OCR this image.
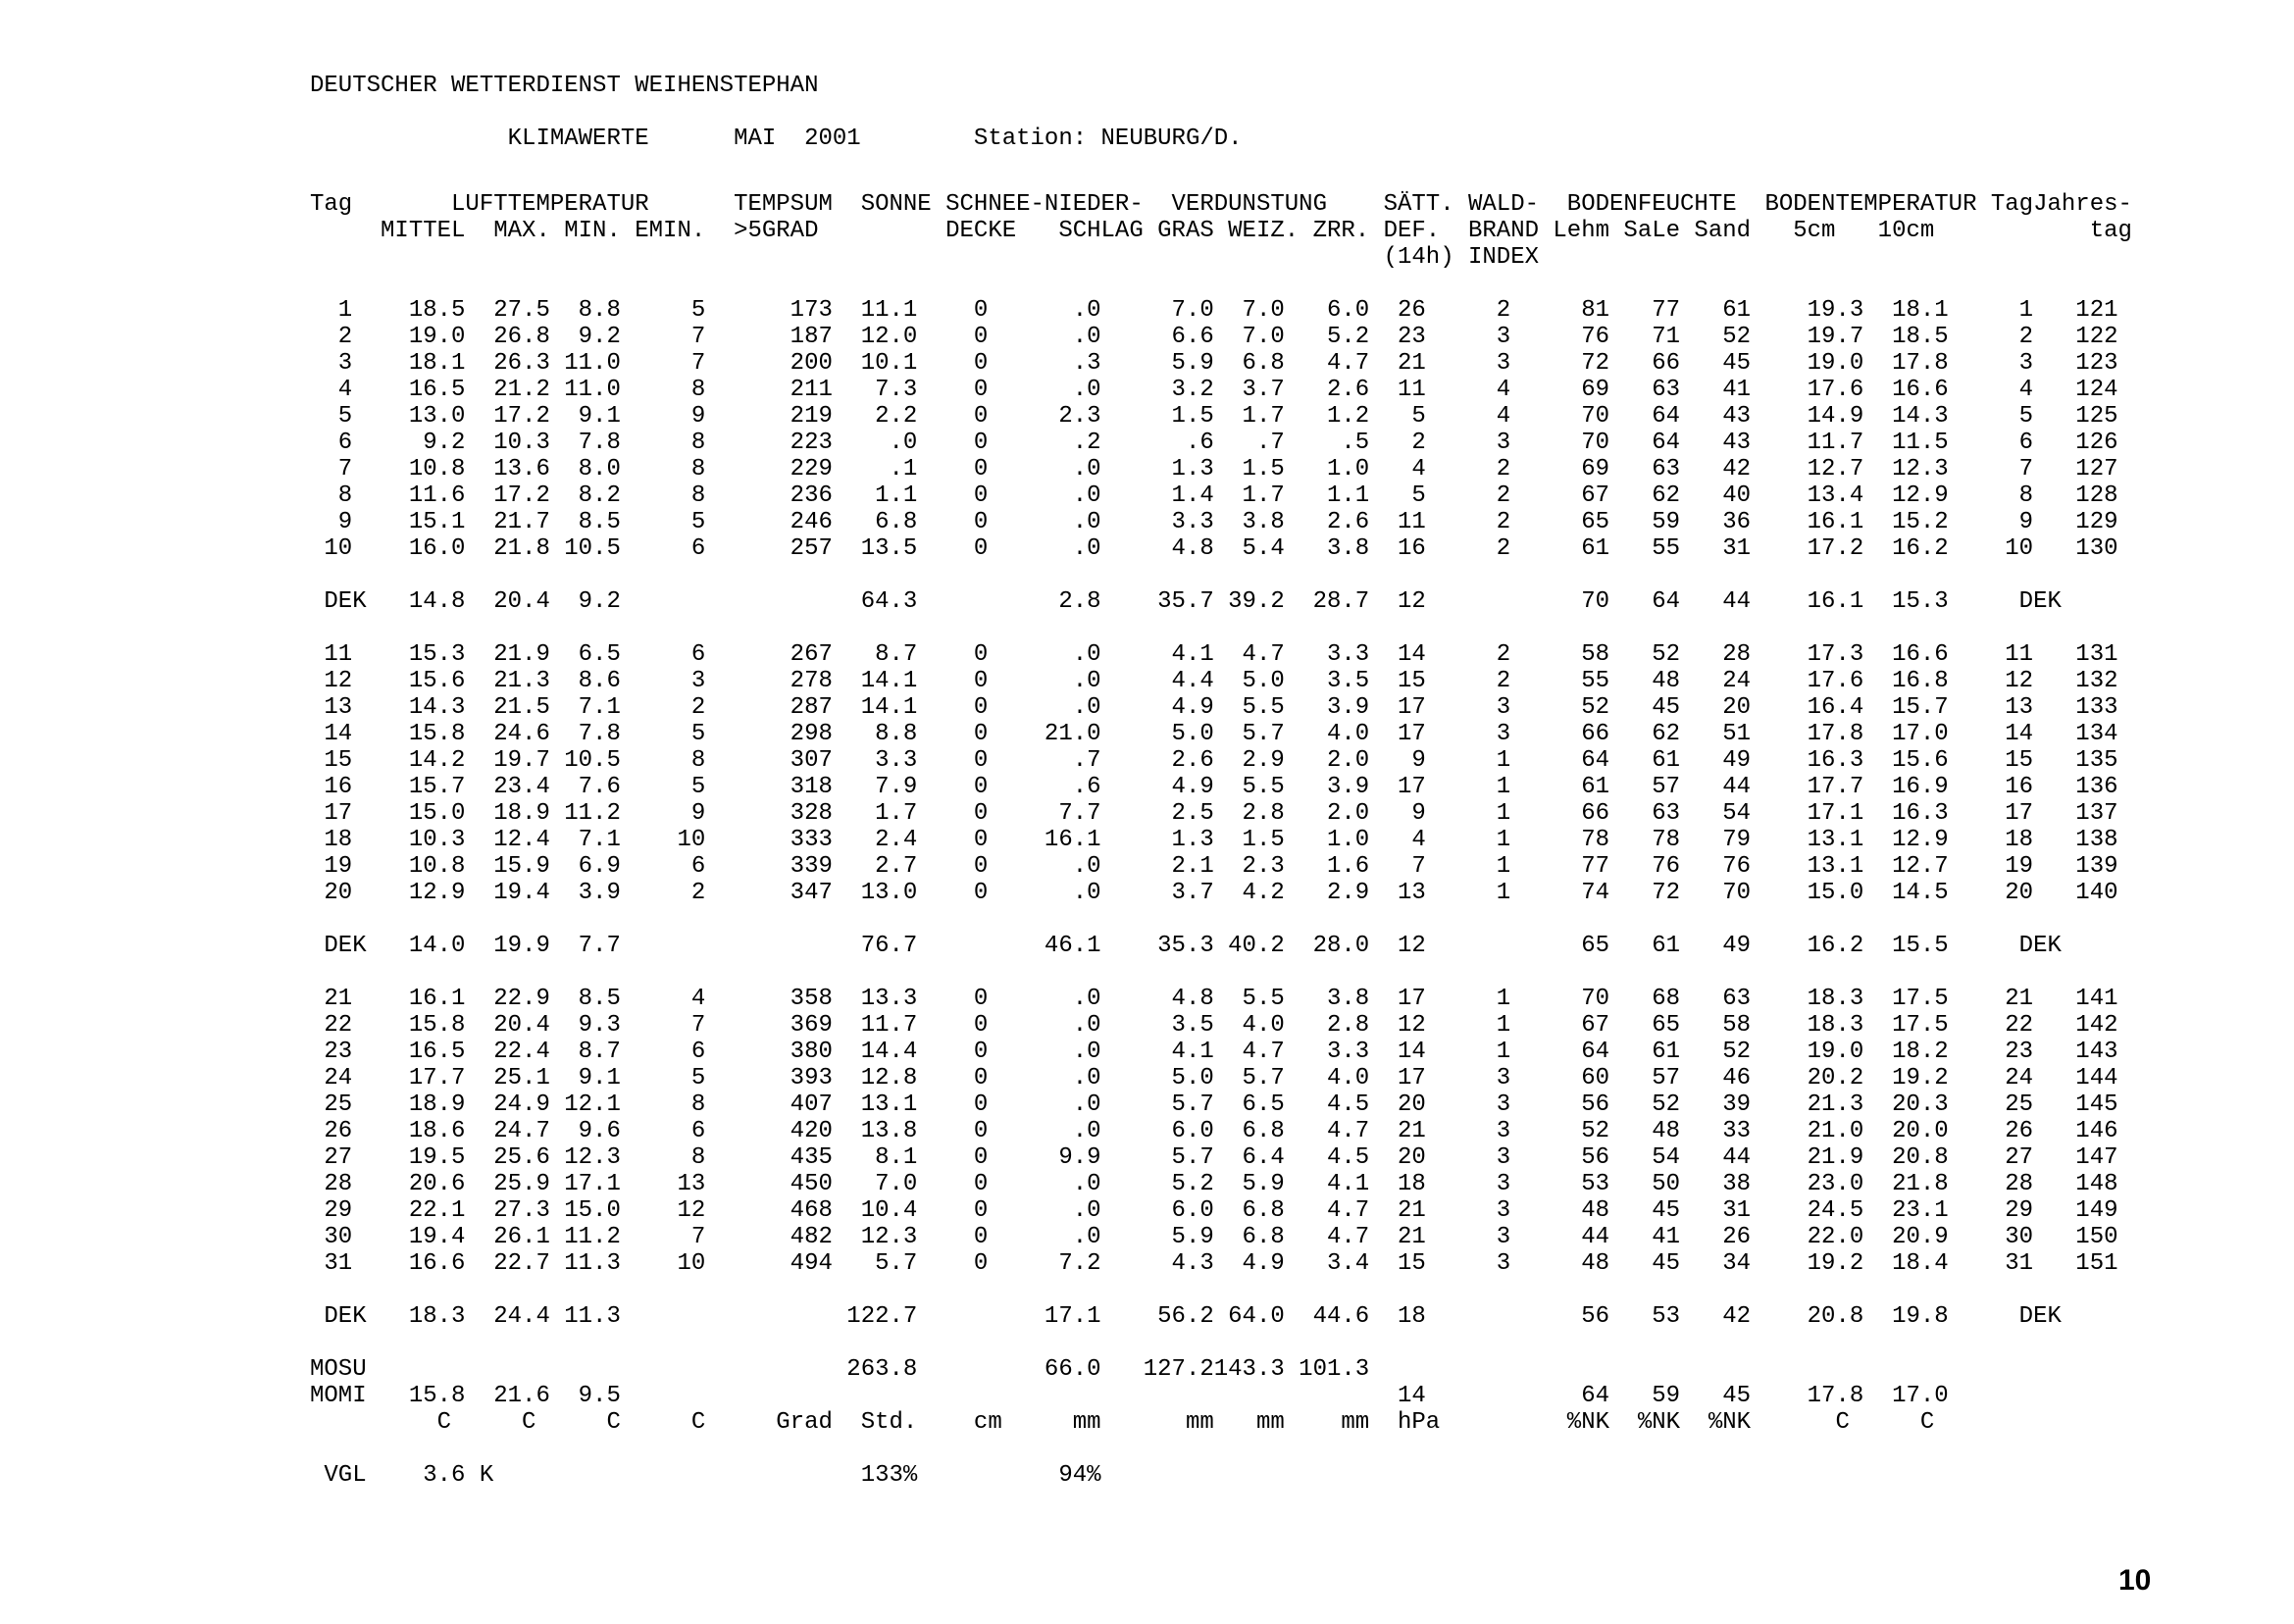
DEUTSCHER WETTERDIENST WEIHENSTEPHAN
KLIMAWERTE      MAI  2001        Station: NEUBURG/D.
Tag       LUFTTEMPERATUR      TEMPSUM  SONNE SCHNEE-NIEDER-  VERDUNSTUNG    SÄTT. WALD-  BODENFEUCHTE  BODENTEMPERATUR TagJahres-
MITTEL  MAX. MIN. EMIN.  >5GRAD         DECKE   SCHLAG GRAS WEIZ. ZRR. DEF.  BRAND Lehm SaLe Sand   5cm   10cm           tag
(14h) INDEX
1    18.5  27.5  8.8     5      173  11.1    0      .0     7.0  7.0   6.0  26     2     81   77   61    19.3  18.1     1   121
2    19.0  26.8  9.2     7      187  12.0    0      .0     6.6  7.0   5.2  23     3     76   71   52    19.7  18.5     2   122
3    18.1  26.3 11.0     7      200  10.1    0      .3     5.9  6.8   4.7  21     3     72   66   45    19.0  17.8     3   123
4    16.5  21.2 11.0     8      211   7.3    0      .0     3.2  3.7   2.6  11     4     69   63   41    17.6  16.6     4   124
5    13.0  17.2  9.1     9      219   2.2    0     2.3     1.5  1.7   1.2   5     4     70   64   43    14.9  14.3     5   125
6     9.2  10.3  7.8     8      223    .0    0      .2      .6   .7    .5   2     3     70   64   43    11.7  11.5     6   126
7    10.8  13.6  8.0     8      229    .1    0      .0     1.3  1.5   1.0   4     2     69   63   42    12.7  12.3     7   127
8    11.6  17.2  8.2     8      236   1.1    0      .0     1.4  1.7   1.1   5     2     67   62   40    13.4  12.9     8   128
9    15.1  21.7  8.5     5      246   6.8    0      .0     3.3  3.8   2.6  11     2     65   59   36    16.1  15.2     9   129
10    16.0  21.8 10.5     6      257  13.5    0      .0     4.8  5.4   3.8  16     2     61   55   31    17.2  16.2    10   130
DEK   14.8  20.4  9.2                 64.3          2.8    35.7 39.2  28.7  12           70   64   44    16.1  15.3     DEK
11    15.3  21.9  6.5     6      267   8.7    0      .0     4.1  4.7   3.3  14     2     58   52   28    17.3  16.6    11   131
12    15.6  21.3  8.6     3      278  14.1    0      .0     4.4  5.0   3.5  15     2     55   48   24    17.6  16.8    12   132
13    14.3  21.5  7.1     2      287  14.1    0      .0     4.9  5.5   3.9  17     3     52   45   20    16.4  15.7    13   133
14    15.8  24.6  7.8     5      298   8.8    0    21.0     5.0  5.7   4.0  17     3     66   62   51    17.8  17.0    14   134
15    14.2  19.7 10.5     8      307   3.3    0      .7     2.6  2.9   2.0   9     1     64   61   49    16.3  15.6    15   135
16    15.7  23.4  7.6     5      318   7.9    0      .6     4.9  5.5   3.9  17     1     61   57   44    17.7  16.9    16   136
17    15.0  18.9 11.2     9      328   1.7    0     7.7     2.5  2.8   2.0   9     1     66   63   54    17.1  16.3    17   137
18    10.3  12.4  7.1    10      333   2.4    0    16.1     1.3  1.5   1.0   4     1     78   78   79    13.1  12.9    18   138
19    10.8  15.9  6.9     6      339   2.7    0      .0     2.1  2.3   1.6   7     1     77   76   76    13.1  12.7    19   139
20    12.9  19.4  3.9     2      347  13.0    0      .0     3.7  4.2   2.9  13     1     74   72   70    15.0  14.5    20   140
DEK   14.0  19.9  7.7                 76.7         46.1    35.3 40.2  28.0  12           65   61   49    16.2  15.5     DEK
21    16.1  22.9  8.5     4      358  13.3    0      .0     4.8  5.5   3.8  17     1     70   68   63    18.3  17.5    21   141
22    15.8  20.4  9.3     7      369  11.7    0      .0     3.5  4.0   2.8  12     1     67   65   58    18.3  17.5    22   142
23    16.5  22.4  8.7     6      380  14.4    0      .0     4.1  4.7   3.3  14     1     64   61   52    19.0  18.2    23   143
24    17.7  25.1  9.1     5      393  12.8    0      .0     5.0  5.7   4.0  17     3     60   57   46    20.2  19.2    24   144
25    18.9  24.9 12.1     8      407  13.1    0      .0     5.7  6.5   4.5  20     3     56   52   39    21.3  20.3    25   145
26    18.6  24.7  9.6     6      420  13.8    0      .0     6.0  6.8   4.7  21     3     52   48   33    21.0  20.0    26   146
27    19.5  25.6 12.3     8      435   8.1    0     9.9     5.7  6.4   4.5  20     3     56   54   44    21.9  20.8    27   147
28    20.6  25.9 17.1    13      450   7.0    0      .0     5.2  5.9   4.1  18     3     53   50   38    23.0  21.8    28   148
29    22.1  27.3 15.0    12      468  10.4    0      .0     6.0  6.8   4.7  21     3     48   45   31    24.5  23.1    29   149
30    19.4  26.1 11.2     7      482  12.3    0      .0     5.9  6.8   4.7  21     3     44   41   26    22.0  20.9    30   150
31    16.6  22.7 11.3    10      494   5.7    0     7.2     4.3  4.9   3.4  15     3     48   45   34    19.2  18.4    31   151
DEK   18.3  24.4 11.3                122.7         17.1    56.2 64.0  44.6  18           56   53   42    20.8  19.8     DEK
MOSU                                  263.8         66.0   127.2143.3 101.3
MOMI   15.8  21.6  9.5                                                       14           64   59   45    17.8  17.0
C     C     C     C     Grad  Std.    cm     mm      mm   mm    mm  hPa         %NK  %NK  %NK      C     C
VGL    3.6 K                          133%          94%
10
